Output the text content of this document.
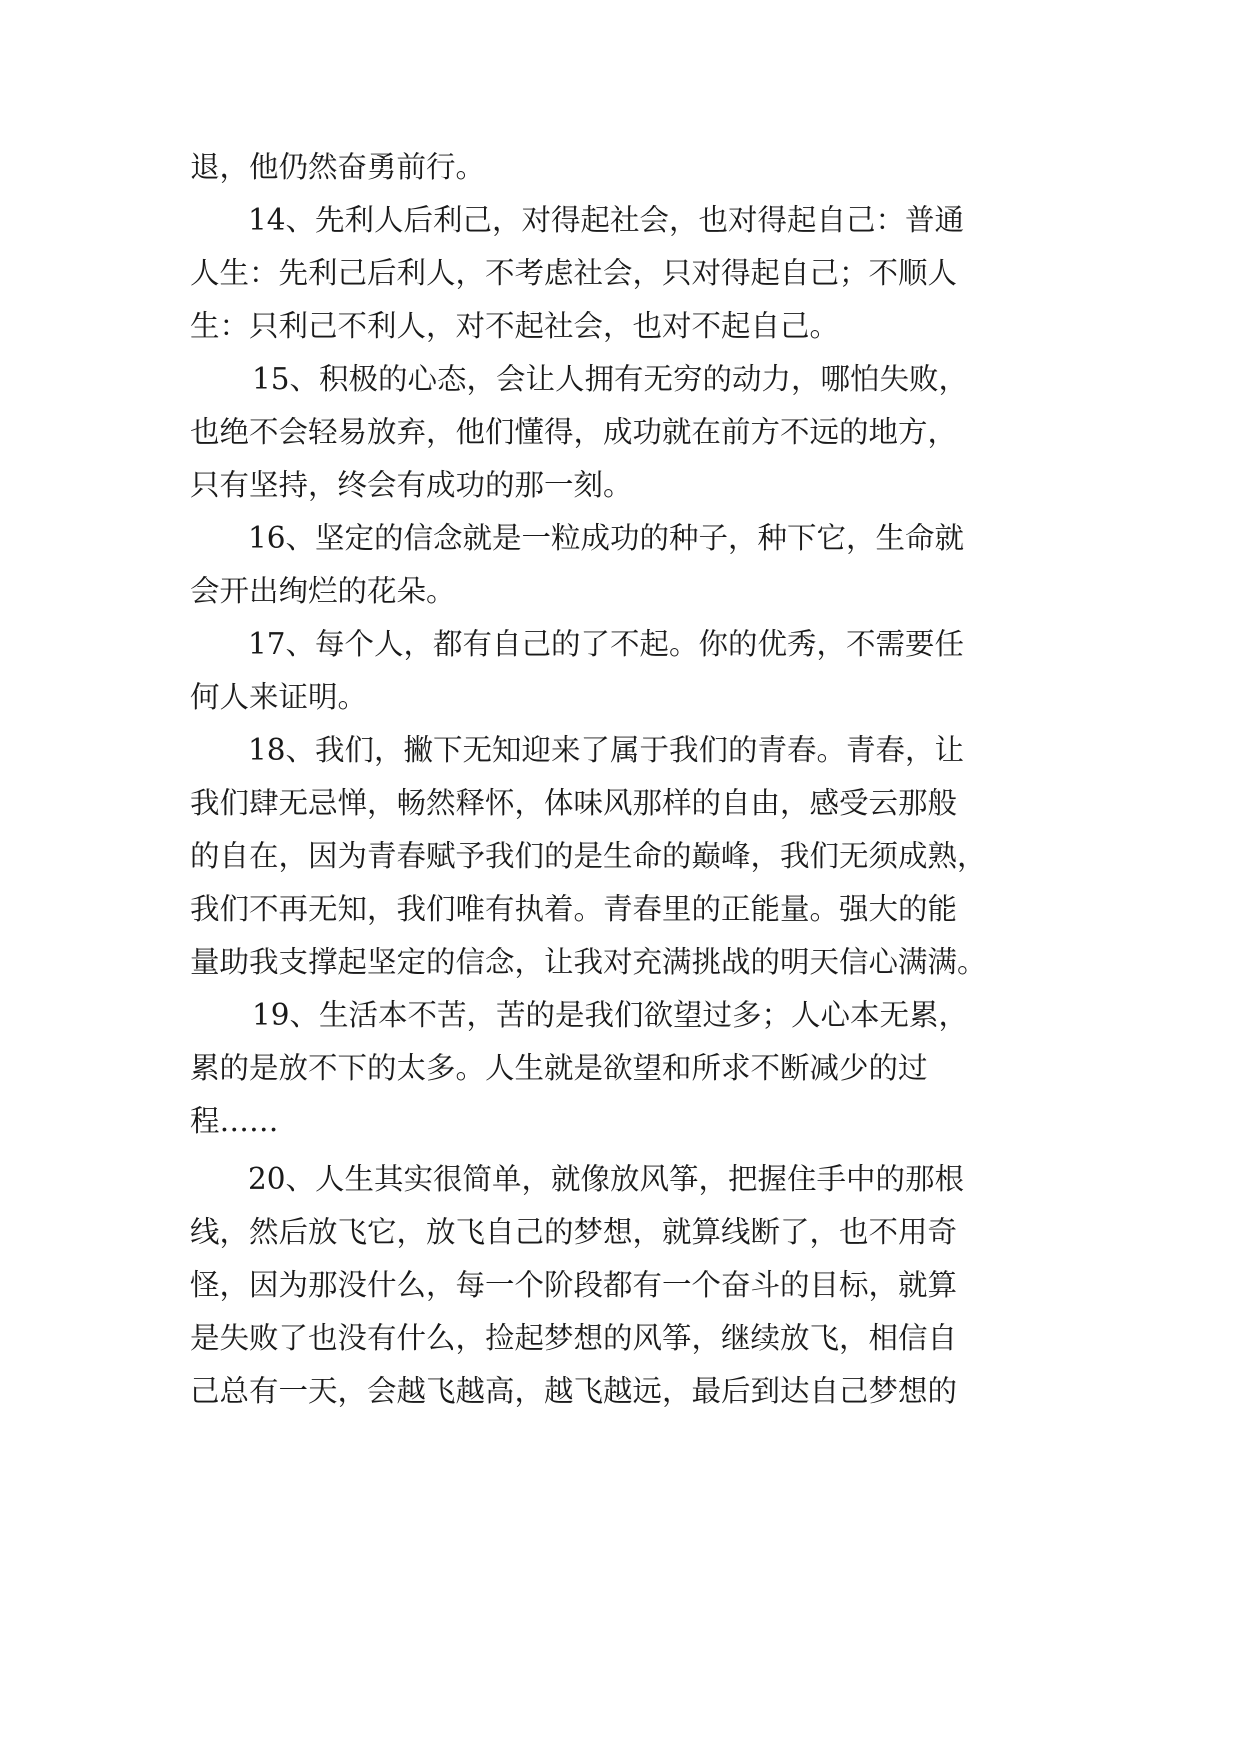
退，他仍然奋勇前行。
14、先利人后利己，对得起社会，也对得起自己：普通
人生：先利己后利人，不考虑社会，只对得起自己；不顺人
生：只利己不利人，对不起社会，也对不起自己。
15、积极的心态，会让人拥有无穷的动力，哪怕失败，
也绝不会轻易放弃，他们懂得，成功就在前方不远的地方，
只有坚持，终会有成功的那一刻。
16、坚定的信念就是一粒成功的种子，种下它，生命就
会开出绚烂的花朵。
17、每个人，都有自己的了不起。你的优秀，不需要任
何人来证明。
18、我们，撇下无知迎来了属于我们的青春。青春，让
我们肆无忌惮，畅然释怀，体味风那样的自由，感受云那般
的自在，因为青春赋予我们的是生命的巅峰，我们无须成熟，
我们不再无知，我们唯有执着。青春里的正能量。强大的能
量助我支撑起坚定的信念，让我对充满挑战的明天信心满满。
19、生活本不苦，苦的是我们欲望过多；人心本无累，
累的是放不下的太多。人生就是欲望和所求不断减少的过
程……
20、人生其实很简单，就像放风筝，把握住手中的那根
线，然后放飞它，放飞自己的梦想，就算线断了，也不用奇
怪，因为那没什么，每一个阶段都有一个奋斗的目标，就算
是失败了也没有什么，捡起梦想的风筝，继续放飞，相信自
己总有一天，会越飞越高，越飞越远，最后到达自己梦想的
